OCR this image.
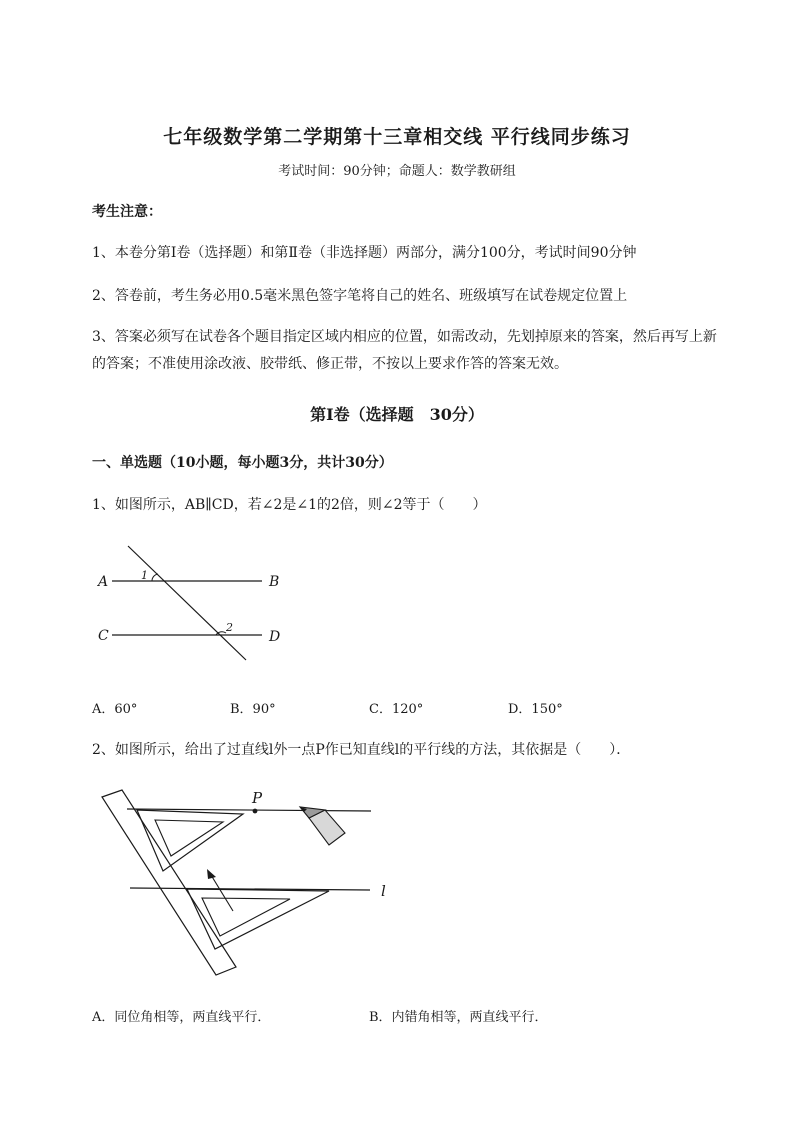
七年级数学第二学期第十三章相交线 平行线同步练习
考试时间：90分钟；命题人：数学教研组
考生注意：
1、本卷分第Ⅰ卷（选择题）和第Ⅱ卷（非选择题）两部分，满分100分，考试时间90分钟
2、答卷前，考生务必用0.5毫米黑色签字笔将自己的姓名、班级填写在试卷规定位置上
3、答案必须写在试卷各个题目指定区域内相应的位置，如需改动，先划掉原来的答案，然后再写上新
的答案；不准使用涂改液、胶带纸、修正带，不按以上要求作答的答案无效。
第Ⅰ卷（选择题　30分）
一、单选题（10小题，每小题3分，共计30分）
1、如图所示，AB∥CD，若∠2是∠1的2倍，则∠2等于（　　）
A	B
C	D
1
2
A．60°	B．90°	C．120°	D．150°
2、如图所示，给出了过直线l外一点P作已知直线l的平行线的方法，其依据是（　　）．
P
l
A．同位角相等，两直线平行．	B．内错角相等，两直线平行．
